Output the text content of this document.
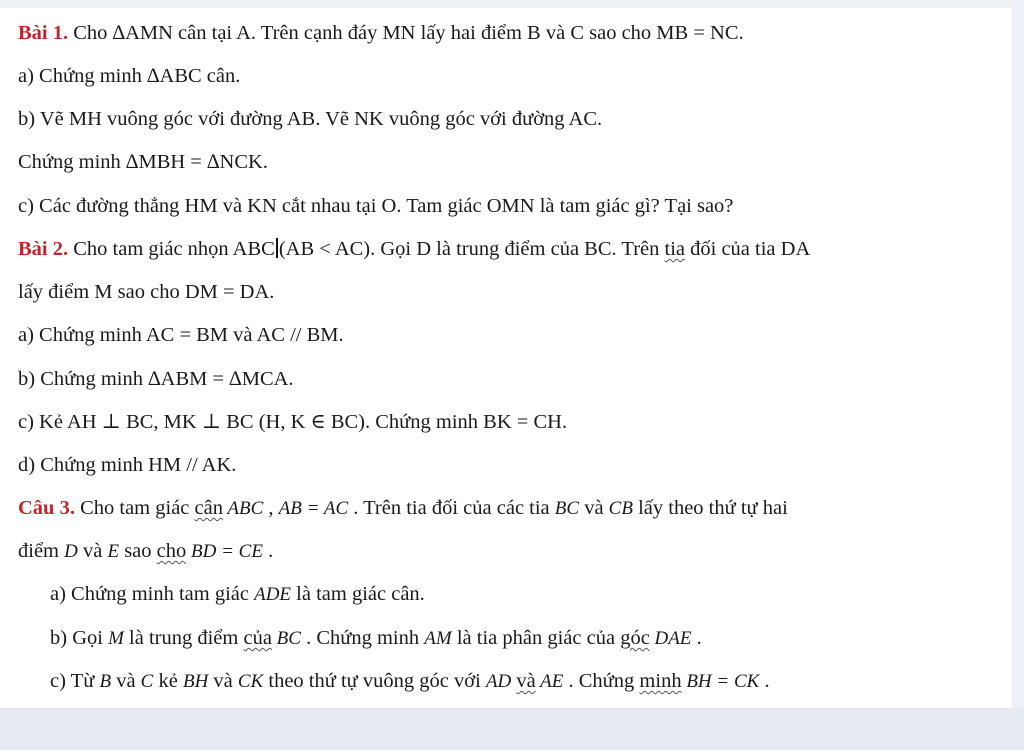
Bài 1. Cho ∆AMN cân tại A. Trên cạnh đáy MN lấy hai điểm B và C sao cho MB = NC.
a) Chứng minh ∆ABC cân.
b) Vẽ MH vuông góc với đường AB. Vẽ NK vuông góc với đường AC.
Chứng minh ∆MBH = ∆NCK.
c) Các đường thẳng HM và KN cắt nhau tại O. Tam giác OMN là tam giác gì? Tại sao?
Bài 2. Cho tam giác nhọn ABC (AB < AC). Gọi D là trung điểm của BC. Trên tia đối của tia DA
lấy điểm M sao cho DM = DA.
a) Chứng minh AC = BM và AC // BM.
b) Chứng minh ∆ABM = ∆MCA.
c) Kẻ AH ⊥ BC, MK ⊥ BC (H, K ∈ BC). Chứng minh BK = CH.
d) Chứng minh HM // AK.
Câu 3. Cho tam giác cân ABC , AB = AC . Trên tia đối của các tia BC và CB lấy theo thứ tự hai
điểm D và E sao cho BD = CE .
a) Chứng minh tam giác ADE là tam giác cân.
b) Gọi M là trung điểm của BC . Chứng minh AM là tia phân giác của góc DAE .
c) Từ B và C kẻ BH và CK theo thứ tự vuông góc với AD và AE . Chứng minh BH = CK .
